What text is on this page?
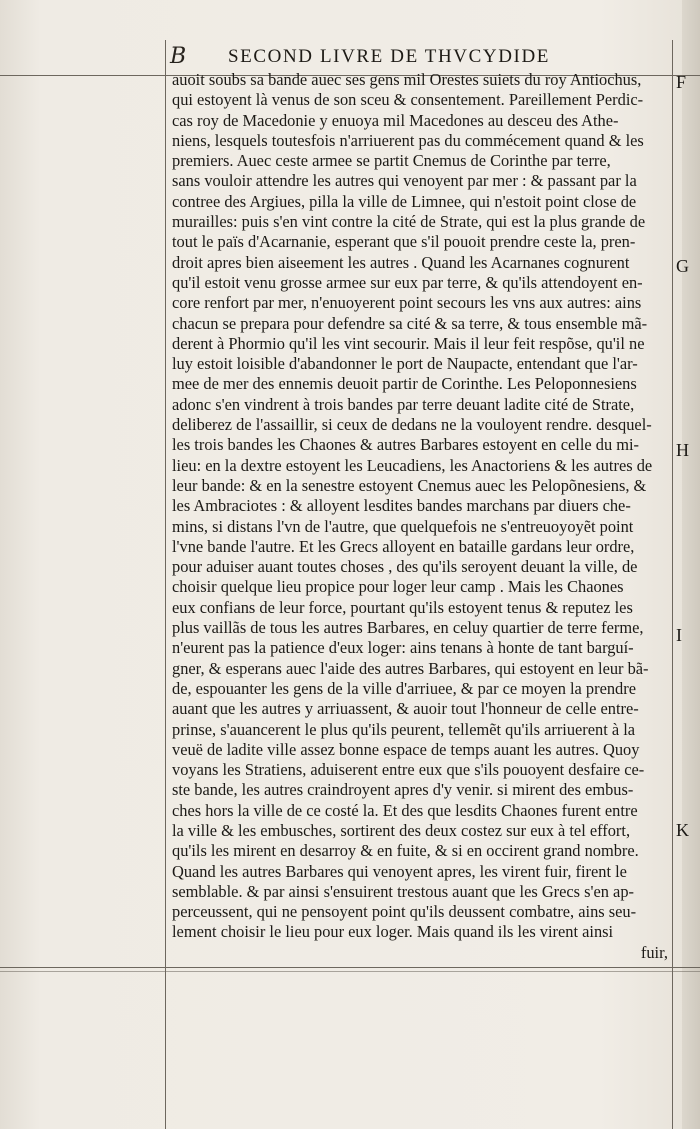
B SECOND LIVRE DE THVCYDIDE
auoit soubs sa bande auec ses gens mil Orestes suiets du roy Antiochus,
qui estoyent là venus de son sceu & consentement. Pareillement Perdic-
cas roy de Macedonie y enuoya mil Macedones au desceu des Athe-
niens, lesquels toutesfois n'arriuerent pas du commécement quand & les
premiers. Auec ceste armee se partit Cnemus de Corinthe par terre,
sans vouloir attendre les autres qui venoyent par mer : & passant par la
contree des Argiues, pilla la ville de Limnee, qui n'estoit point close de
murailles: puis s'en vint contre la cité de Strate, qui est la plus grande de
tout le païs d'Acarnanie, esperant que s'il pouoit prendre ceste la, pren-
droit apres bien aiseement les autres . Quand les Acarnanes cognurent
qu'il estoit venu grosse armee sur eux par terre, & qu'ils attendoyent en-
core renfort par mer, n'enuoyerent point secours les vns aux autres: ains
chacun se prepara pour defendre sa cité & sa terre, & tous ensemble mã-
derent à Phormio qu'il les vint secourir. Mais il leur feit respõse, qu'il ne
luy estoit loisible d'abandonner le port de Naupacte, entendant que l'ar-
mee de mer des ennemis deuoit partir de Corinthe. Les Peloponnesiens
adonc s'en vindrent à trois bandes par terre deuant ladite cité de Strate,
deliberez de l'assaillir, si ceux de dedans ne la vouloyent rendre. desquel-
les trois bandes les Chaones & autres Barbares estoyent en celle du mi-
lieu: en la dextre estoyent les Leucadiens, les Anactoriens & les autres de
leur bande: & en la senestre estoyent Cnemus auec les Pelopõnesiens, &
les Ambraciotes : & alloyent lesdites bandes marchans par diuers che-
mins, si distans l'vn de l'autre, que quelquefois ne s'entreuoyoyẽt point
l'vne bande l'autre. Et les Grecs alloyent en bataille gardans leur ordre,
pour aduiser auant toutes choses , des qu'ils seroyent deuant la ville, de
choisir quelque lieu propice pour loger leur camp . Mais les Chaones
eux confians de leur force, pourtant qu'ils estoyent tenus & reputez les
plus vaillãs de tous les autres Barbares, en celuy quartier de terre ferme,
n'eurent pas la patience d'eux loger: ains tenans à honte de tant barguí-
gner, & esperans auec l'aide des autres Barbares, qui estoyent en leur bã-
de, espouanter les gens de la ville d'arriuee, & par ce moyen la prendre
auant que les autres y arriuassent, & auoir tout l'honneur de celle entre-
prinse, s'auancerent le plus qu'ils peurent, tellemẽt qu'ils arriuerent à la
veuë de ladite ville assez bonne espace de temps auant les autres. Quoy
voyans les Stratiens, aduiserent entre eux que s'ils pouoyent desfaire ce-
ste bande, les autres craindroyent apres d'y venir. si mirent des embus-
ches hors la ville de ce costé la. Et des que lesdits Chaones furent entre
la ville & les embusches, sortirent des deux costez sur eux à tel effort,
qu'ils les mirent en desarroy & en fuite, & si en occirent grand nombre.
Quand les autres Barbares qui venoyent apres, les virent fuir, firent le
semblable. & par ainsi s'ensuirent trestous auant que les Grecs s'en ap-
perceussent, qui ne pensoyent point qu'ils deussent combatre, ains seu-
lement choisir le lieu pour eux loger. Mais quand ils les virent ainsi
fuir,
F
G
H
I
K
